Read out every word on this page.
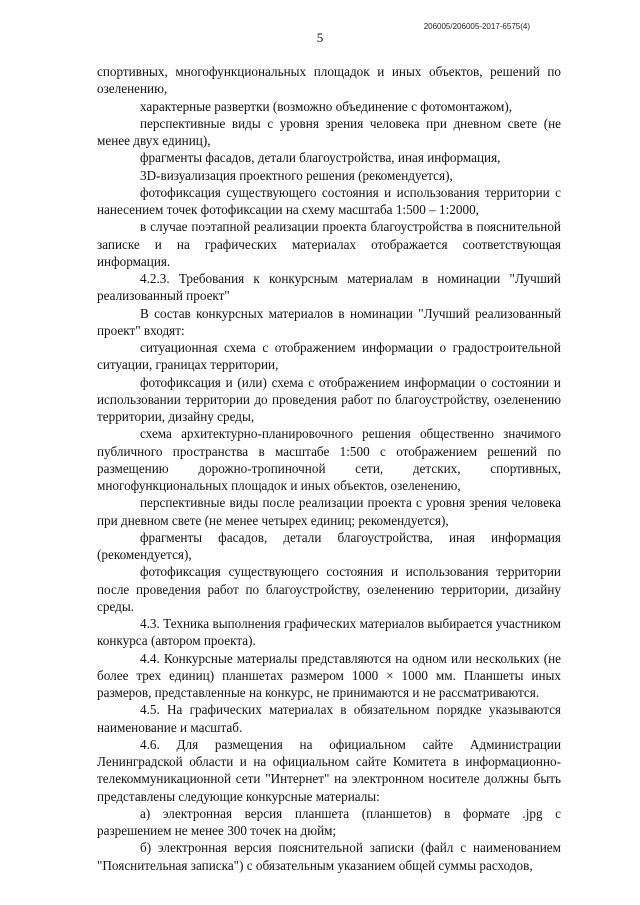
206005/206005-2017-6575(4)
5

спортивных, многофункциональных площадок и иных объектов, решений по озеленению,

характерные развертки (возможно объединение с фотомонтажом),

перспективные виды с уровня зрения человека при дневном свете (не менее двух единиц),

фрагменты фасадов, детали благоустройства, иная информация,

3D-визуализация проектного решения (рекомендуется),

фотофиксация существующего состояния и использования территории с нанесением точек фотофиксации на схему масштаба 1:500 – 1:2000,

в случае поэтапной реализации проекта благоустройства в пояснительной записке и на графических материалах отображается соответствующая информация.

4.2.3. Требования к конкурсным материалам в номинации "Лучший реализованный проект"

В состав конкурсных материалов в номинации "Лучший реализованный проект" входят:

ситуационная схема с отображением информации о градостроительной ситуации, границах территории,

фотофиксация и (или) схема с отображением информации о состоянии и использовании территории до проведения работ по благоустройству, озеленению территории, дизайну среды,

схема архитектурно-планировочного решения общественно значимого публичного пространства в масштабе 1:500 с отображением решений по размещению дорожно-тропиночной сети, детских, спортивных, многофункциональных площадок и иных объектов, озеленению,

перспективные виды после реализации проекта с уровня зрения человека при дневном свете (не менее четырех единиц; рекомендуется),

фрагменты фасадов, детали благоустройства, иная информация (рекомендуется),

фотофиксация существующего состояния и использования территории после проведения работ по благоустройству, озеленению территории, дизайну среды.

4.3. Техника выполнения графических материалов выбирается участником конкурса (автором проекта).

4.4. Конкурсные материалы представляются на одном или нескольких (не более трех единиц) планшетах размером 1000 × 1000 мм. Планшеты иных размеров, представленные на конкурс, не принимаются и не рассматриваются.

4.5. На графических материалах в обязательном порядке указываются наименование и масштаб.

4.6. Для размещения на официальном сайте Администрации Ленинградской области и на официальном сайте Комитета в информационно-телекоммуникационной сети "Интернет" на электронном носителе должны быть представлены следующие конкурсные материалы:

а) электронная версия планшета (планшетов) в формате .jpg с разрешением не менее 300 точек на дюйм;

б) электронная версия пояснительной записки (файл с наименованием "Пояснительная записка") с обязательным указанием общей суммы расходов,
